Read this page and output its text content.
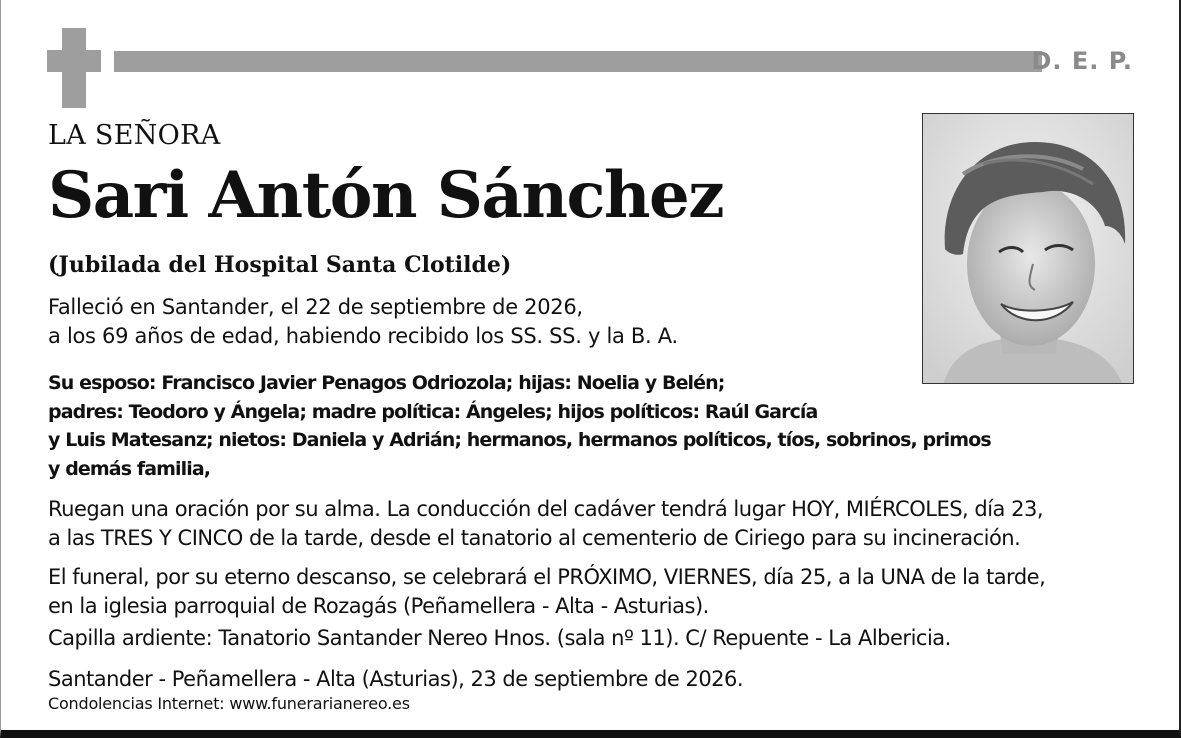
D. E. P.
LA SEÑORA
Sari Antón Sánchez
(Jubilada del Hospital Santa Clotilde)
Falleció en Santander, el 22 de septiembre de 2026,
a los 69 años de edad, habiendo recibido los SS. SS. y la B. A.
Su esposo: Francisco Javier Penagos Odriozola; hijas: Noelia y Belén;
padres: Teodoro y Ángela; madre política: Ángeles; hijos políticos: Raúl García
y Luis Matesanz; nietos: Daniela y Adrián; hermanos, hermanos políticos, tíos, sobrinos, primos
y demás familia,
Ruegan una oración por su alma. La conducción del cadáver tendrá lugar HOY, MIÉRCOLES, día 23,
a las TRES Y CINCO de la tarde, desde el tanatorio al cementerio de Ciriego para su incineración.
El funeral, por su eterno descanso, se celebrará el PRÓXIMO, VIERNES, día 25, a la UNA de la tarde,
en la iglesia parroquial de Rozagás (Peñamellera - Alta - Asturias).
Capilla ardiente: Tanatorio Santander Nereo Hnos. (sala nº 11). C/ Repuente - La Albericia.
Santander - Peñamellera - Alta (Asturias), 23 de septiembre de 2026.
Condolencias Internet: www.funerarianereo.es
